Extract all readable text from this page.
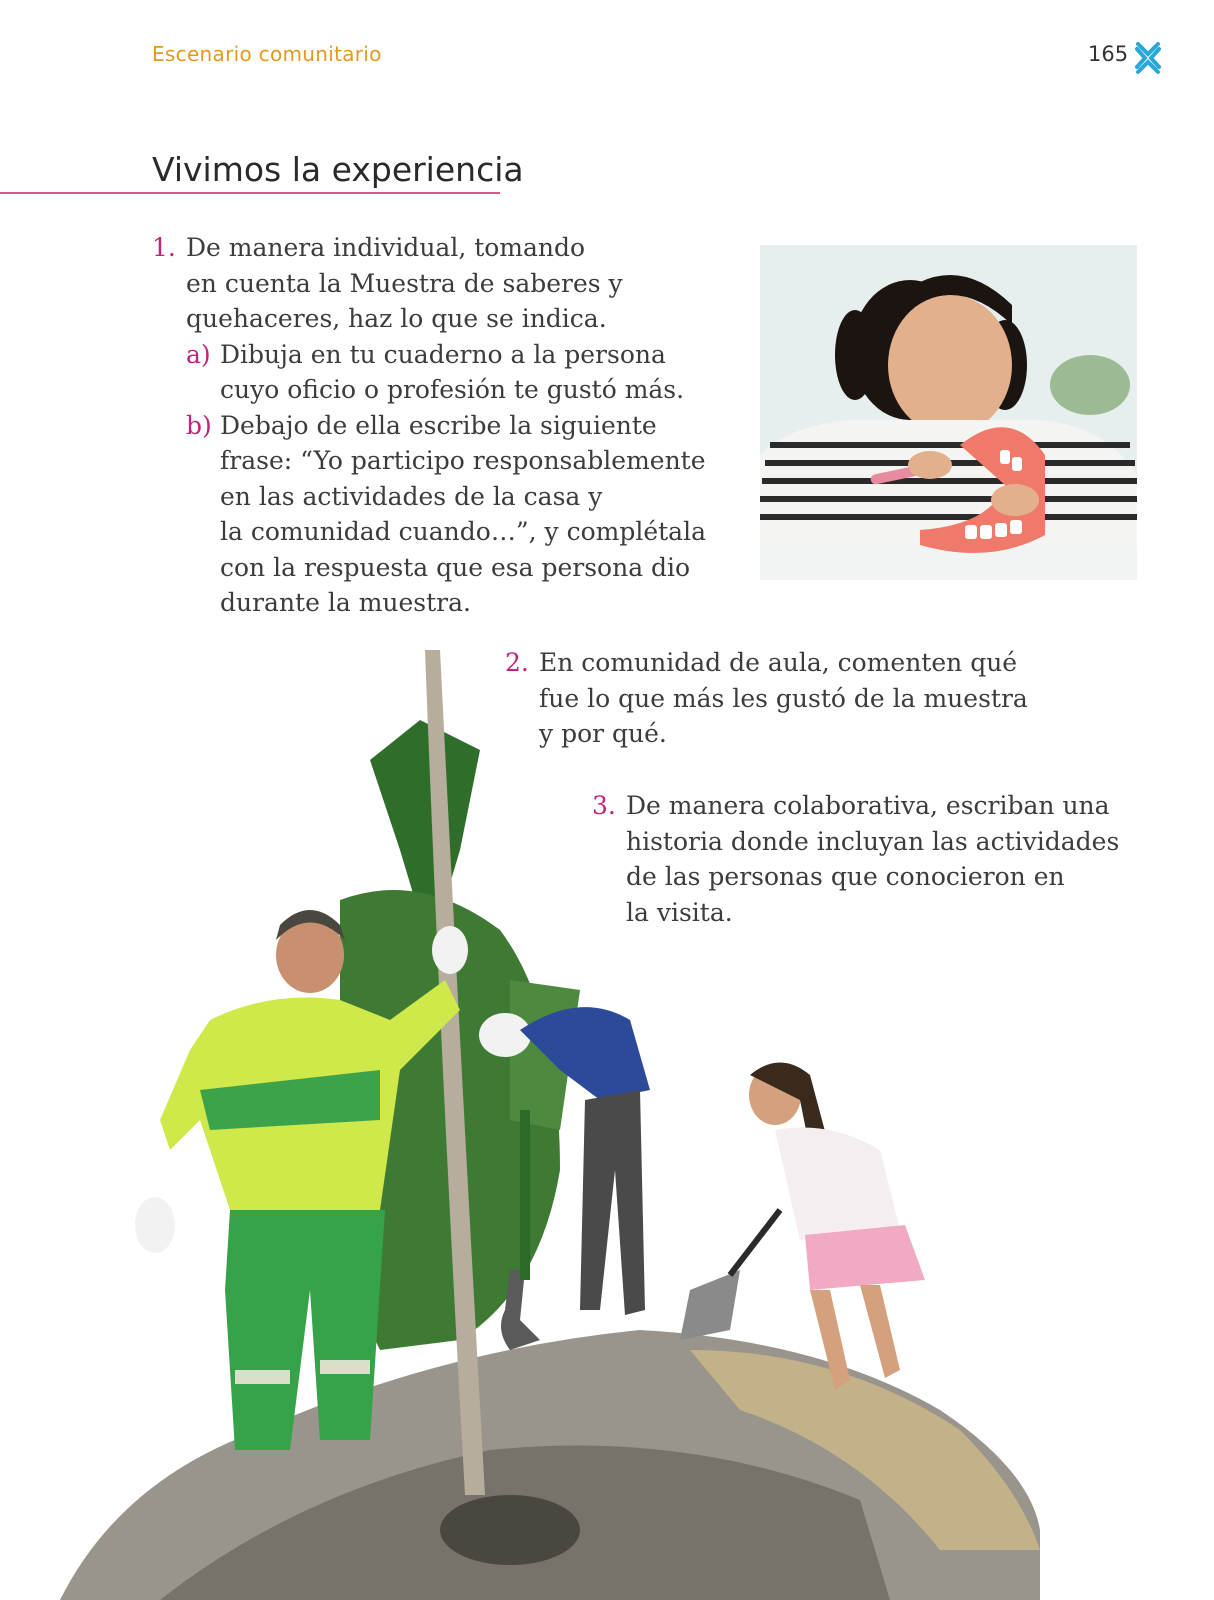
Escenario comunitario	165
Vivimos la experiencia
1. De manera individual, tomando
en cuenta la Muestra de saberes y
quehaceres, haz lo que se indica.
a) Dibuja en tu cuaderno a la persona
cuyo oficio o profesión te gustó más.
b) Debajo de ella escribe la siguiente
frase: “Yo participo responsablemente
en las actividades de la casa y
la comunidad cuando…”, y complétala
con la respuesta que esa persona dio
durante la muestra.
2. En comunidad de aula, comenten qué
fue lo que más les gustó de la muestra
y por qué.
3. De manera colaborativa, escriban una
historia donde incluyan las actividades
de las personas que conocieron en
la visita.
